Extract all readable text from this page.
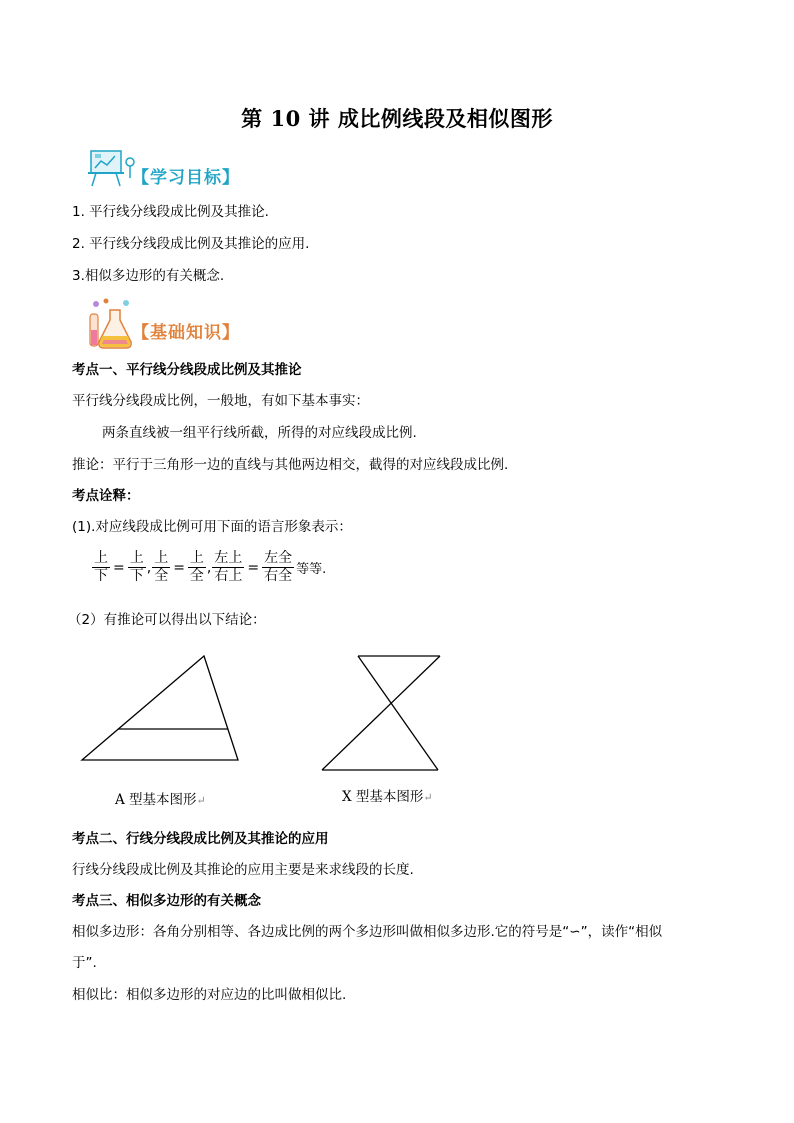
第 10 讲 成比例线段及相似图形
【学习目标】
1. 平行线分线段成比例及其推论.
2. 平行线分线段成比例及其推论的应用.
3.相似多边形的有关概念.
【基础知识】
考点一、平行线分线段成比例及其推论
平行线分线段成比例，一般地，有如下基本事实：
两条直线被一组平行线所截，所得的对应线段成比例.
推论：平行于三角形一边的直线与其他两边相交，截得的对应线段成比例.
考点诠释：
(1).对应线段成比例可用下面的语言形象表示：
$\frac{\text{上}}{\text{下}} = \frac{\text{上}}{\text{下}}$ , $\frac{\text{上}}{\text{全}} = \frac{\text{上}}{\text{全}}$ , $\frac{\text{左上}}{\text{右上}} = \frac{\text{左全}}{\text{右全}}$ 等等.
（2）有推论可以得出以下结论：
A 型基本图形↵	X 型基本图形↵
考点二、行线分线段成比例及其推论的应用
行线分线段成比例及其推论的应用主要是来求线段的长度.
考点三、相似多边形的有关概念
相似多边形：各角分别相等、各边成比例的两个多边形叫做相似多边形.它的符号是“∽”，读作“相似
于”.
相似比：相似多边形的对应边的比叫做相似比.
